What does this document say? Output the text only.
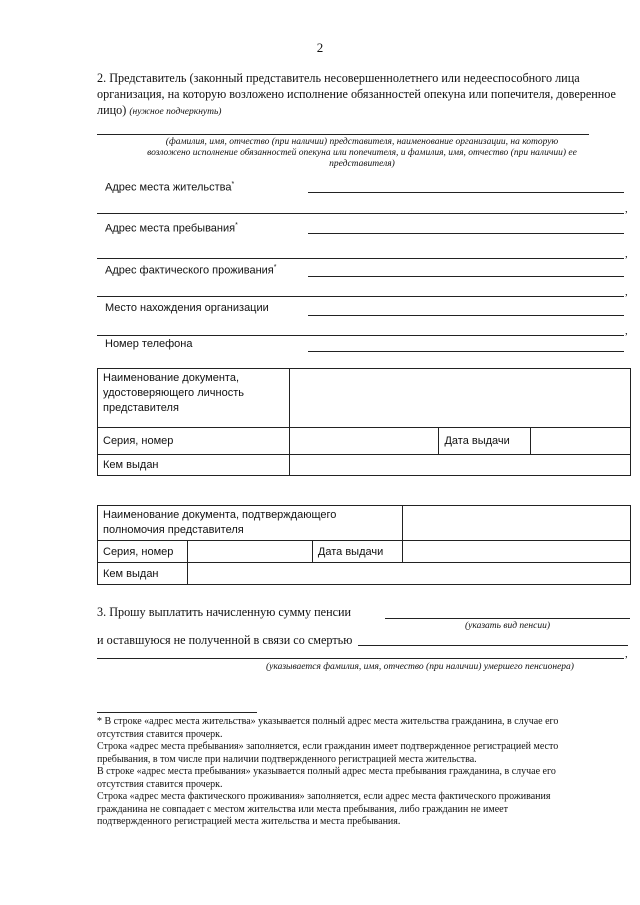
2
2. Представитель (законный представитель несовершеннолетнего или недееспособного лица
организация, на которую возложено исполнение обязанностей опекуна или попечителя, доверенное
лицо) (нужное подчеркнуть)
(фамилия, имя, отчество (при наличии) представителя, наименование организации, на которую
возложено исполнение обязанностей опекуна или попечителя, и фамилия, имя, отчество (при наличии) ее
представителя)
Адрес места жительства*
,
Адрес места пребывания*
,
Адрес фактического проживания*
,
Место нахождения организации
,
Номер телефона
Наименование документа, удостоверяющего личность представителя			

Серия, номер		Дата выдачи	
Кем выдан			
Наименование документа, подтверждающего полномочия представителя			

Серия, номер		Дата выдачи	
Кем выдан			
3. Прошу выплатить начисленную сумму пенсии
(указать вид пенсии)
и оставшуюся не полученной в связи со смертью
,
(указывается фамилия, имя, отчество (при наличии) умершего пенсионера)
* В строке «адрес места жительства» указывается полный адрес места жительства гражданина, в случае его
отсутствия ставится прочерк.
Строка «адрес места пребывания» заполняется, если гражданин имеет подтвержденное регистрацией место
пребывания, в том числе при наличии подтвержденного регистрацией места жительства.
В строке «адрес места пребывания» указывается полный адрес места пребывания гражданина, в случае его
отсутствия ставится прочерк.
Строка «адрес места фактического проживания» заполняется, если адрес места фактического проживания
гражданина не совпадает с местом жительства или места пребывания, либо гражданин не имеет
подтвержденного регистрацией места жительства и места пребывания.
